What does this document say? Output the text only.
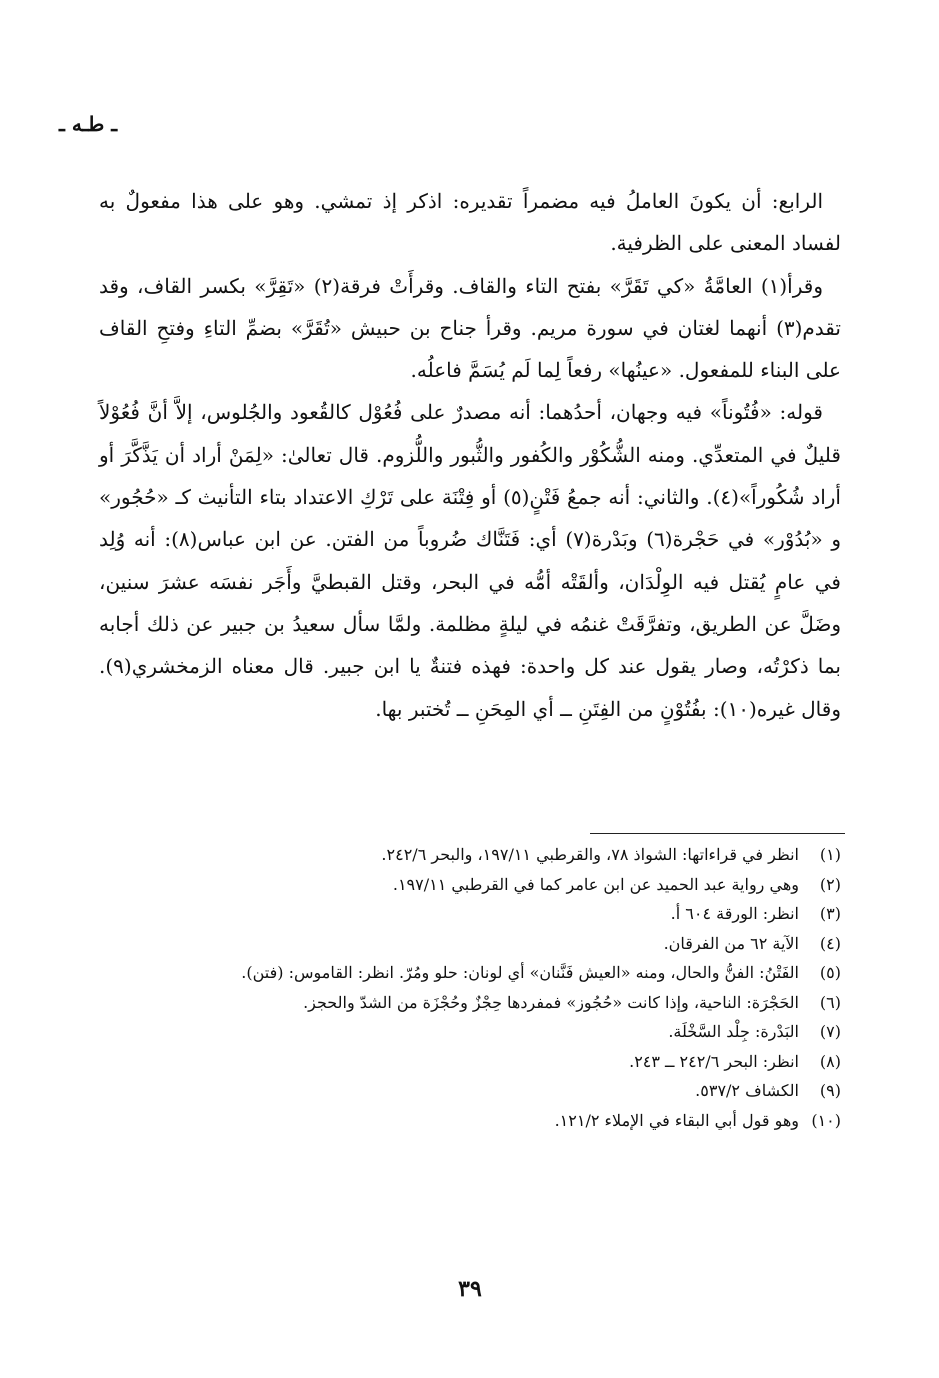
ـ طـه ـ

الرابع: أن يكونَ العاملُ فيه مضمراً تقديره: اذكر إذ تمشي. وهو على هذا مفعولٌ به لفساد المعنى على الظرفية.

وقرأ(١) العامَّةُ «كي تَقَرَّ» بفتح التاء والقاف. وقرأَتْ فرقة(٢) «تَقِرَّ» بكسر القاف، وقد تقدم(٣) أنهما لغتان في سورة مريم. وقرأ جناح بن حبيش «تُقَرَّ» بضمِّ التاءِ وفتحِ القاف على البناء للمفعول. «عينُها» رفعاً لِما لَم يُسَمَّ فاعلُه.

قوله: «فُتُوناً» فيه وجهان، أحدُهما: أنه مصدرٌ على فُعُوْل كالقُعود والجُلوس، إلاَّ أنَّ فُعُوْلاً قليلٌ في المتعدِّي. ومنه الشُّكُوْر والكُفور والثُّبور واللُّزوم. قال تعالىٰ: «لِمَنْ أراد أن يَذَّكَّرَ أو أراد شُكُوراً»(٤). والثاني: أنه جمعُ فَتْنٍ(٥) أو فِتْنَة على تَرْكِ الاعتداد بتاء التأنيث كـ «حُجُور» و «بُدُوْر» في حَجْرة(٦) وبَدْرة(٧) أي: فَتَنَّاك ضُروباً من الفتن. عن ابن عباس(٨): أنه وُلِد في عامٍ يُقتل فيه الوِلْدَان، وألقَتْه أمُّه في البحر، وقتل القبطيَّ وأَجَر نفسَه عشرَ سنين، وضَلَّ عن الطريق، وتفرَّقَتْ غنمُه في ليلةٍ مظلمة. ولمَّا سأل سعيدُ بن جبير عن ذلك أجابه بما ذكرْتُه، وصار يقول عند كل واحدة: فهذه فتنةٌ يا ابن جبير. قال معناه الزمخشري(٩). وقال غيره(١٠): بفُتُوْنٍ من الفِتَنِ ــ أي المِحَنِ ــ تُختبر بها.

(١)
انظر في قراءاتها: الشواذ ٧٨، والقرطبي ١٩٧/١١، والبحر ٢٤٢/٦.
(٢)
وهي رواية عبد الحميد عن ابن عامر كما في القرطبي ١٩٧/١١.
(٣)
انظر: الورقة ٦٠٤ أ.
(٤)
الآية ٦٢ من الفرقان.
(٥)
الفَتْنُ: الفنُّ والحال، ومنه «العيش فَنَّنان» أي لونان: حلو ومُرّ. انظر: القاموس: (فتن).
(٦)
الحَجْرَة: الناحية، وإذا كانت «حُجُوز» فمفردها حِجْزٌ وحُجْزَة من الشدّ والحجز.
(٧)
البَدْرة: جِلْد السَّخْلَة.
(٨)
انظر: البحر ٢٤٢/٦ ــ ٢٤٣.
(٩)
الكشاف ٥٣٧/٢.
(١٠)
وهو قول أبي البقاء في الإملاء ١٢١/٢.
٣٩
